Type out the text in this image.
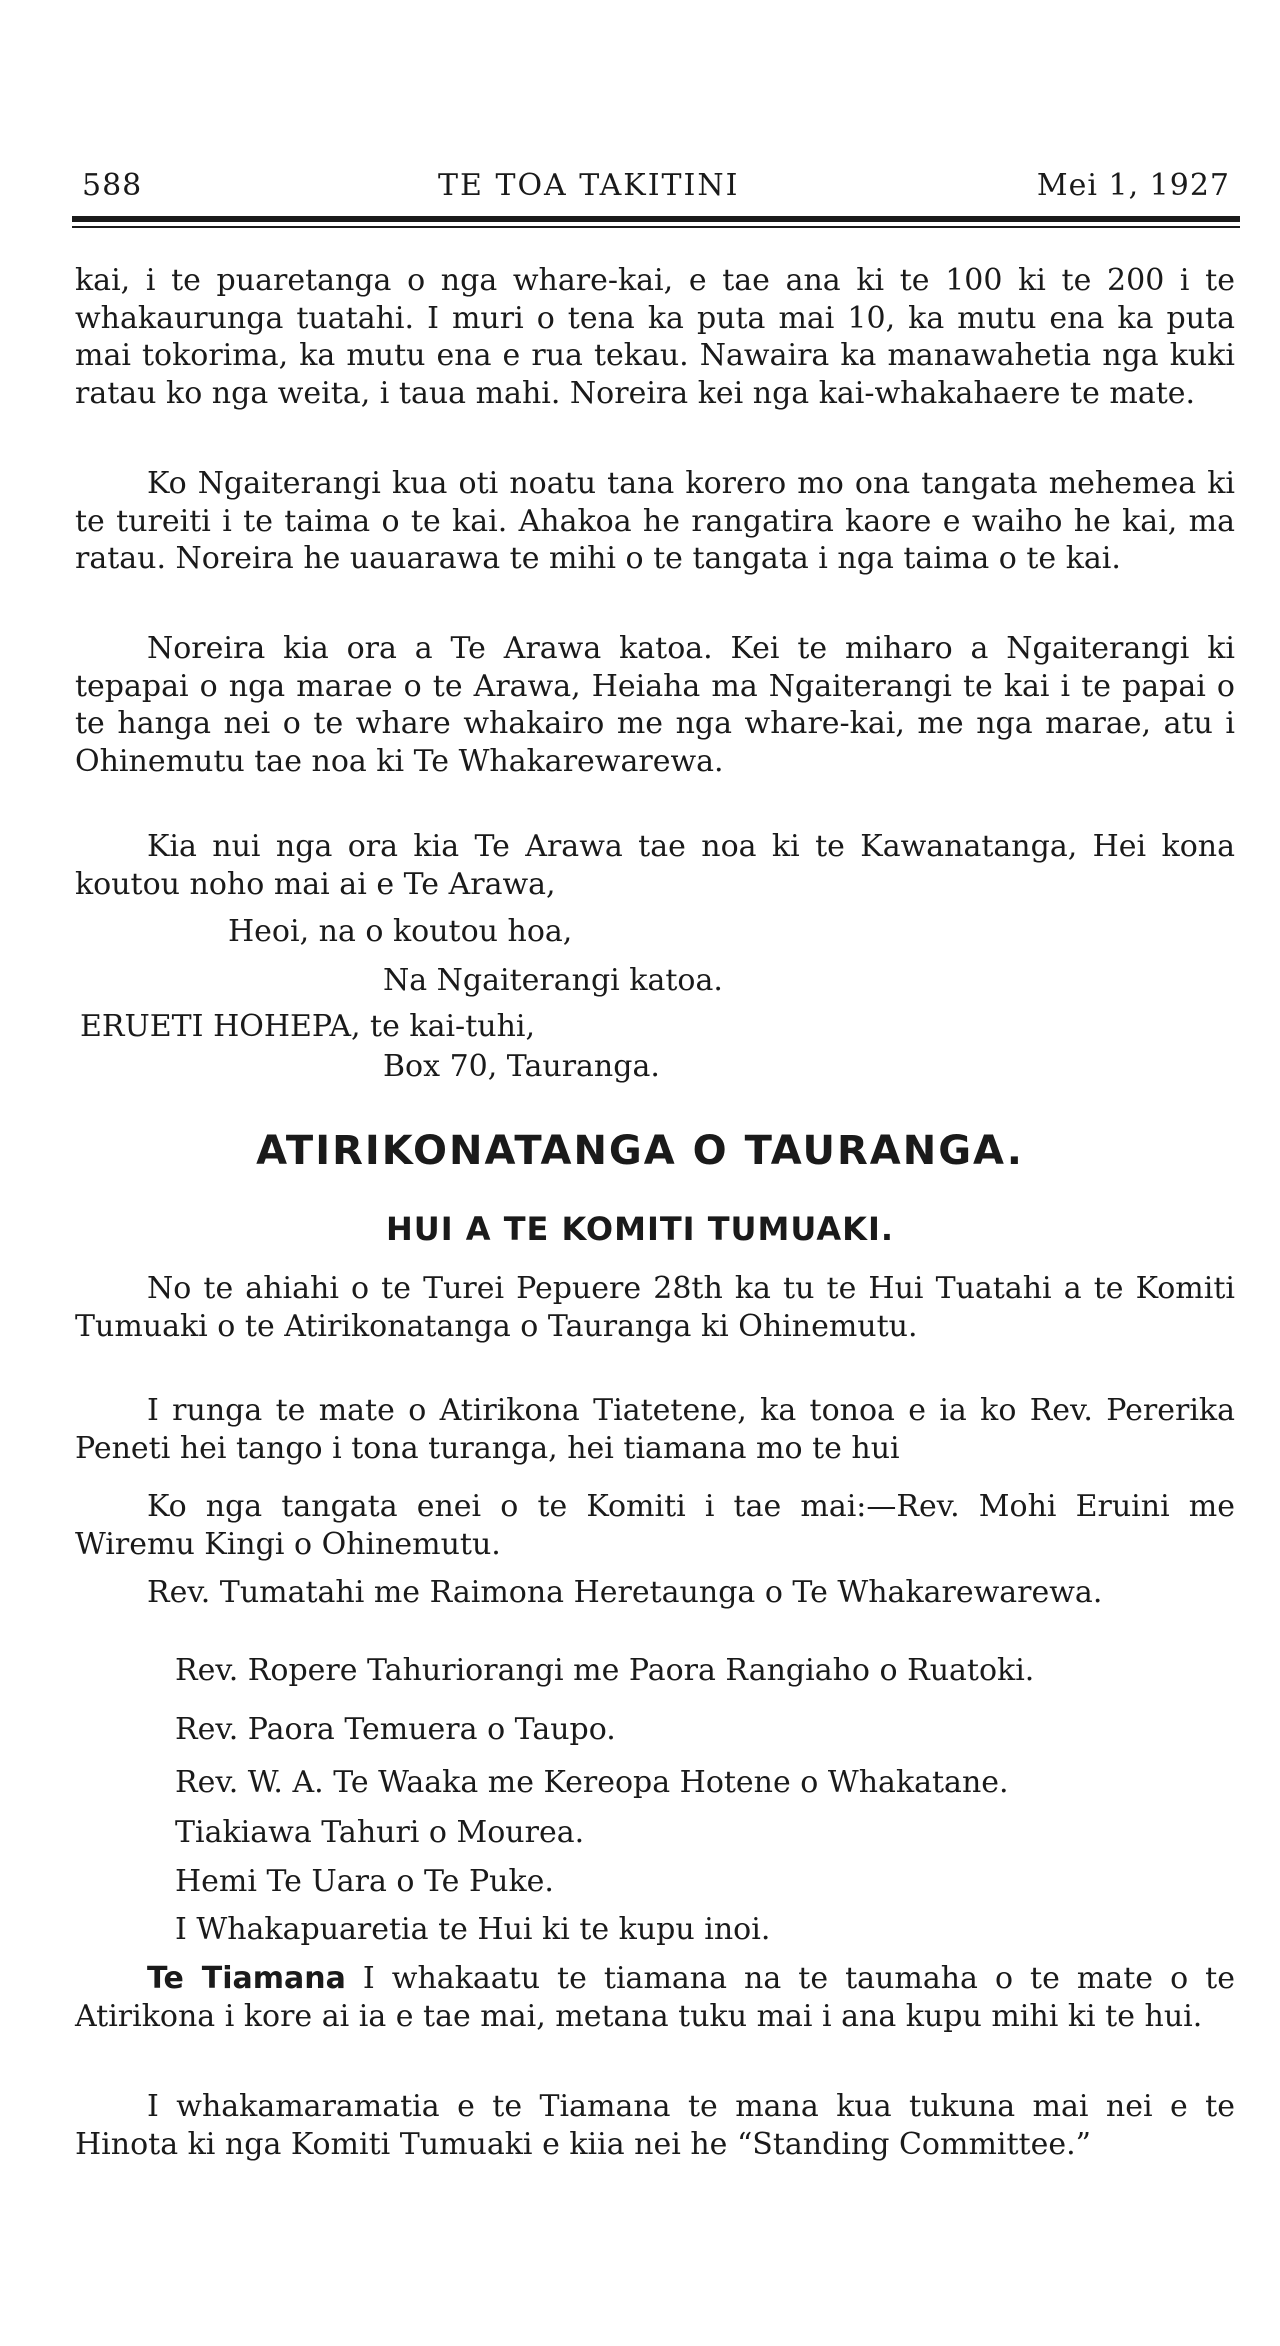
588	TE TOA TAKITINI	Mei 1, 1927
kai, i te puaretanga o nga whare-kai, e tae ana ki te 100 ki te 200 i te whakaurunga tuatahi. I muri o tena ka puta mai 10, ka mutu ena ka puta mai tokorima, ka mutu ena e rua tekau. Nawaira ka manawahetia nga kuki ratau ko nga weita, i taua mahi. Noreira kei nga kai-whakahaere te mate.
Ko Ngaiterangi kua oti noatu tana korero mo ona tangata mehemea ki te tureiti i te taima o te kai. Ahakoa he rangatira kaore e waiho he kai, ma ratau. Noreira he uauarawa te mihi o te tangata i nga taima o te kai.
Noreira kia ora a Te Arawa katoa. Kei te miharo a Ngaiterangi ki tepapai o nga marae o te Arawa, Heiaha ma Ngaiterangi te kai i te papai o te hanga nei o te whare whakairo me nga whare-kai, me nga marae, atu i Ohinemutu tae noa ki Te Whakarewarewa.
Kia nui nga ora kia Te Arawa tae noa ki te Kawanatanga, Hei kona koutou noho mai ai e Te Arawa,
Heoi, na o koutou hoa,
Na Ngaiterangi katoa.
ERUETI HOHEPA, te kai-tuhi,
Box 70, Tauranga.
ATIRIKONATANGA O TAURANGA.
HUI A TE KOMITI TUMUAKI.
No te ahiahi o te Turei Pepuere 28th ka tu te Hui Tuatahi a te Komiti Tumuaki o te Atirikonatanga o Tauranga ki Ohinemutu.
I runga te mate o Atirikona Tiatetene, ka tonoa e ia ko Rev. Pererika Peneti hei tango i tona turanga, hei tiamana mo te hui
Ko nga tangata enei o te Komiti i tae mai:—Rev. Mohi Eruini me Wiremu Kingi o Ohinemutu.
Rev. Tumatahi me Raimona Heretaunga o Te Whakarewarewa.
Rev. Ropere Tahuriorangi me Paora Rangiaho o Ruatoki.
Rev. Paora Temuera o Taupo.
Rev. W. A. Te Waaka me Kereopa Hotene o Whakatane.
Tiakiawa Tahuri o Mourea.
Hemi Te Uara o Te Puke.
I Whakapuaretia te Hui ki te kupu inoi.
Te Tiamana I whakaatu te tiamana na te taumaha o te mate o te Atirikona i kore ai ia e tae mai, metana tuku mai i ana kupu mihi ki te hui.
I whakamaramatia e te Tiamana te mana kua tukuna mai nei e te Hinota ki nga Komiti Tumuaki e kiia nei he “Standing Committee.”
